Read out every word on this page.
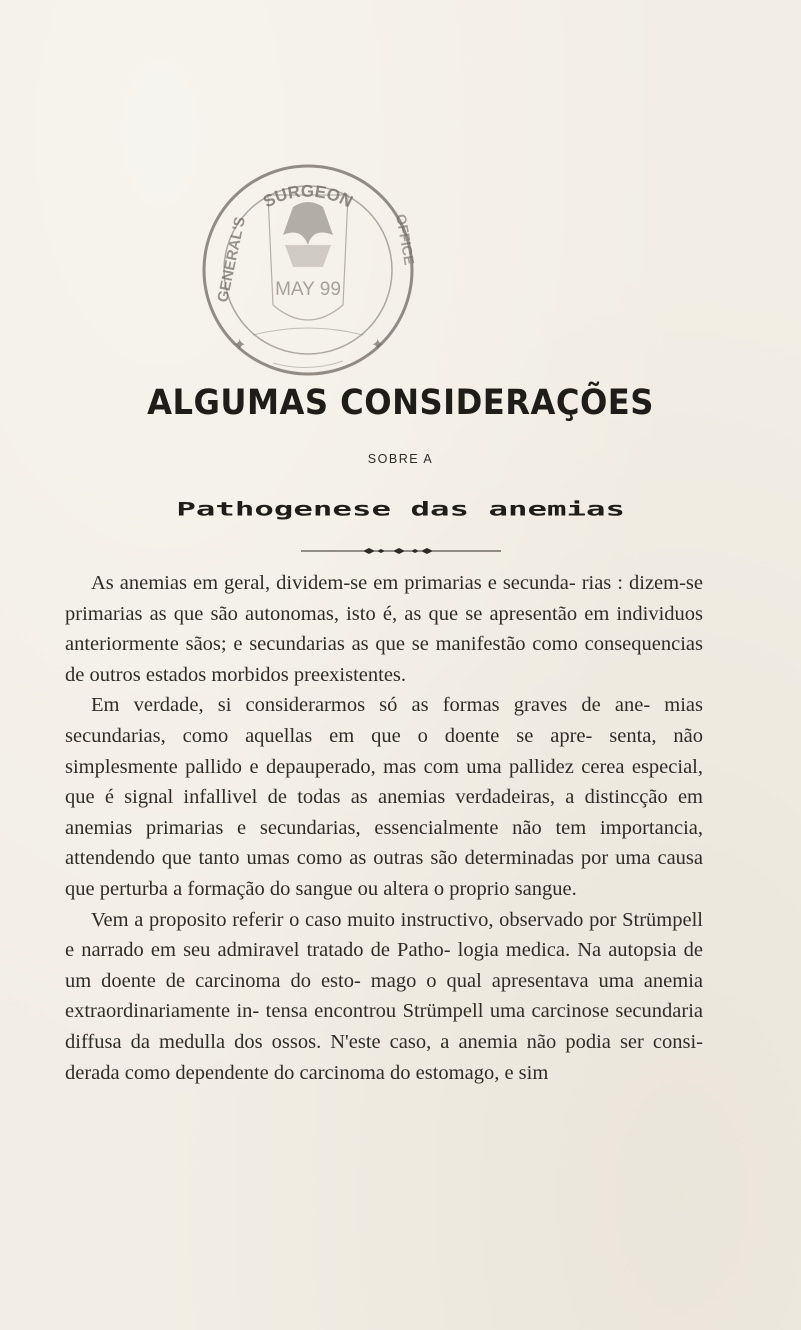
✦	✦
SURGEON
GENERAL'S	OFFICE
MAY 99
ALGUMAS CONSIDERAÇÕES
SOBRE A
Pathogenese das anemias

As anemias em geral, dividem-se em primarias e secunda- rias : dizem-se primarias as que são autonomas, isto é, as que se apresentão em individuos anteriormente sãos; e secundarias as que se manifestão como consequencias de outros estados morbidos preexistentes.

Em verdade, si considerarmos só as formas graves de ane- mias secundarias, como aquellas em que o doente se apre- senta, não simplesmente pallido e depauperado, mas com uma pallidez cerea especial, que é signal infallivel de todas as anemias verdadeiras, a distincção em anemias primarias e secundarias, essencialmente não tem importancia, attendendo que tanto umas como as outras são determinadas por uma causa que perturba a formação do sangue ou altera o proprio sangue.

Vem a proposito referir o caso muito instructivo, observado por Strümpell e narrado em seu admiravel tratado de Patho- logia medica. Na autopsia de um doente de carcinoma do esto- mago o qual apresentava uma anemia extraordinariamente in- tensa encontrou Strümpell uma carcinose secundaria diffusa da medulla dos ossos. N'este caso, a anemia não podia ser consi- derada como dependente do carcinoma do estomago, e sim
